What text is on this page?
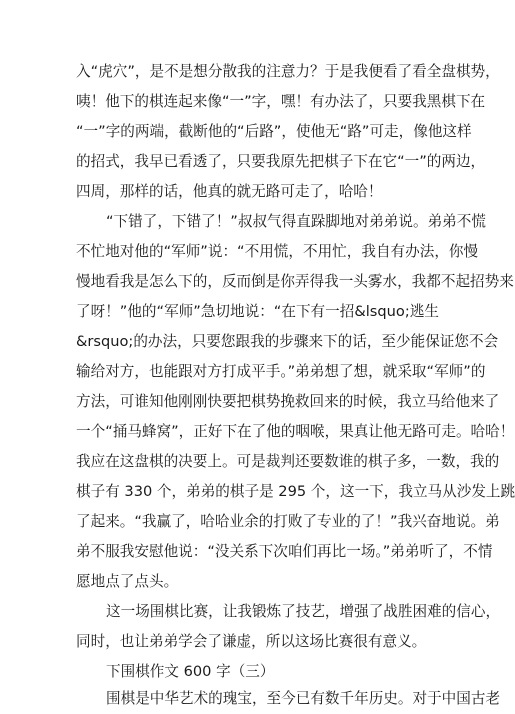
入“虎穴”，是不是想分散我的注意力？于是我便看了看全盘棋势，
咦！他下的棋连起来像“一”字，嘿！有办法了，只要我黑棋下在
“一”字的两端，截断他的“后路”，使他无“路”可走，像他这样
的招式，我早已看透了，只要我原先把棋子下在它“一”的两边，
四周，那样的话，他真的就无路可走了，哈哈！
“下错了，下错了！”叔叔气得直跺脚地对弟弟说。弟弟不慌
不忙地对他的“军师”说：“不用慌，不用忙，我自有办法，你慢
慢地看我是怎么下的，反而倒是你弄得我一头雾水，我都不起招势来
了呀！”他的“军师”急切地说：“在下有一招&lsquo;逃生
&rsquo;的办法，只要您跟我的步骤来下的话，至少能保证您不会
输给对方，也能跟对方打成平手。”弟弟想了想，就采取“军师”的
方法，可谁知他刚刚快要把棋势挽救回来的时候，我立马给他来了
一个“捅马蜂窝”，正好下在了他的咽喉，果真让他无路可走。哈哈！
我应在这盘棋的决要上。可是裁判还要数谁的棋子多，一数，我的
棋子有 330 个，弟弟的棋子是 295 个，这一下，我立马从沙发上跳
了起来。“我赢了，哈哈业余的打败了专业的了！”我兴奋地说。弟
弟不服我安慰他说：“没关系下次咱们再比一场。”弟弟听了，不情
愿地点了点头。
这一场围棋比赛，让我锻炼了技艺，增强了战胜困难的信心，
同时，也让弟弟学会了谦虚，所以这场比赛很有意义。
下围棋作文 600 字（三）
围棋是中华艺术的瑰宝，至今已有数千年历史。对于中国古老
